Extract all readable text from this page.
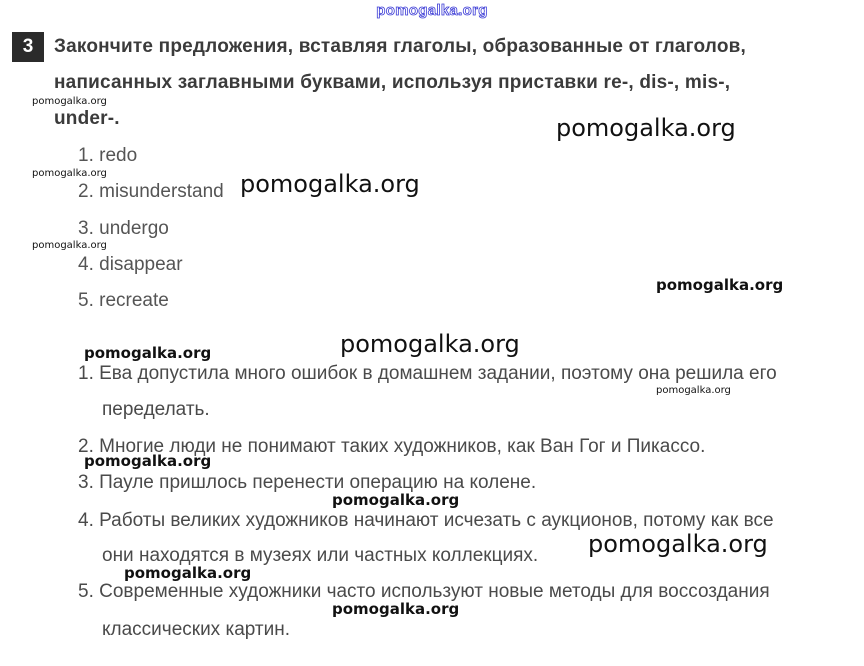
pomogalka.org
3	Закончите предложения, вставляя глаголы, образованные от глаголов,
написанных заглавными буквами, используя приставки re-, dis-, mis-,
under-.
1. redo
2. misunderstand
3. undergo
4. disappear
5. recreate
1. Ева допустила много ошибок в домашнем задании, поэтому она решила его
переделать.
2. Многие люди не понимают таких художников, как Ван Гог и Пикассо.
3. Пауле пришлось перенести операцию на колене.
4. Работы великих художников начинают исчезать с аукционов, потому как все
они находятся в музеях или частных коллекциях.
5. Современные художники часто используют новые методы для воссоздания
классических картин.
pomogalka.org
pomogalka.org
pomogalka.org
pomogalka.org
pomogalka.org
pomogalka.org
pomogalka.org
pomogalka.org
pomogalka.org
pomogalka.org
pomogalka.org
pomogalka.org
pomogalka.org
pomogalka.org
